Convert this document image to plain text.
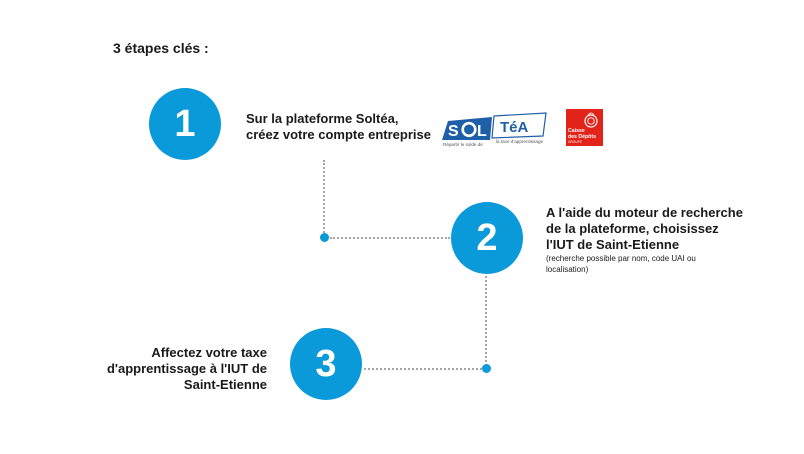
3 étapes clés :
1	Sur la plateforme Soltéa,
créez votre compte entreprise S L TéA
Répartir le solde de
la taxe d'apprentissage
Caisse
des Dépôts
GROUPE
2
A l'aide du moteur de recherche
de la plateforme, choisissez
l'IUT de Saint-Etienne
(recherche possible par nom, code UAI ou
localisation)
3
Affectez votre taxe
d'apprentissage à l'IUT de
Saint-Etienne
